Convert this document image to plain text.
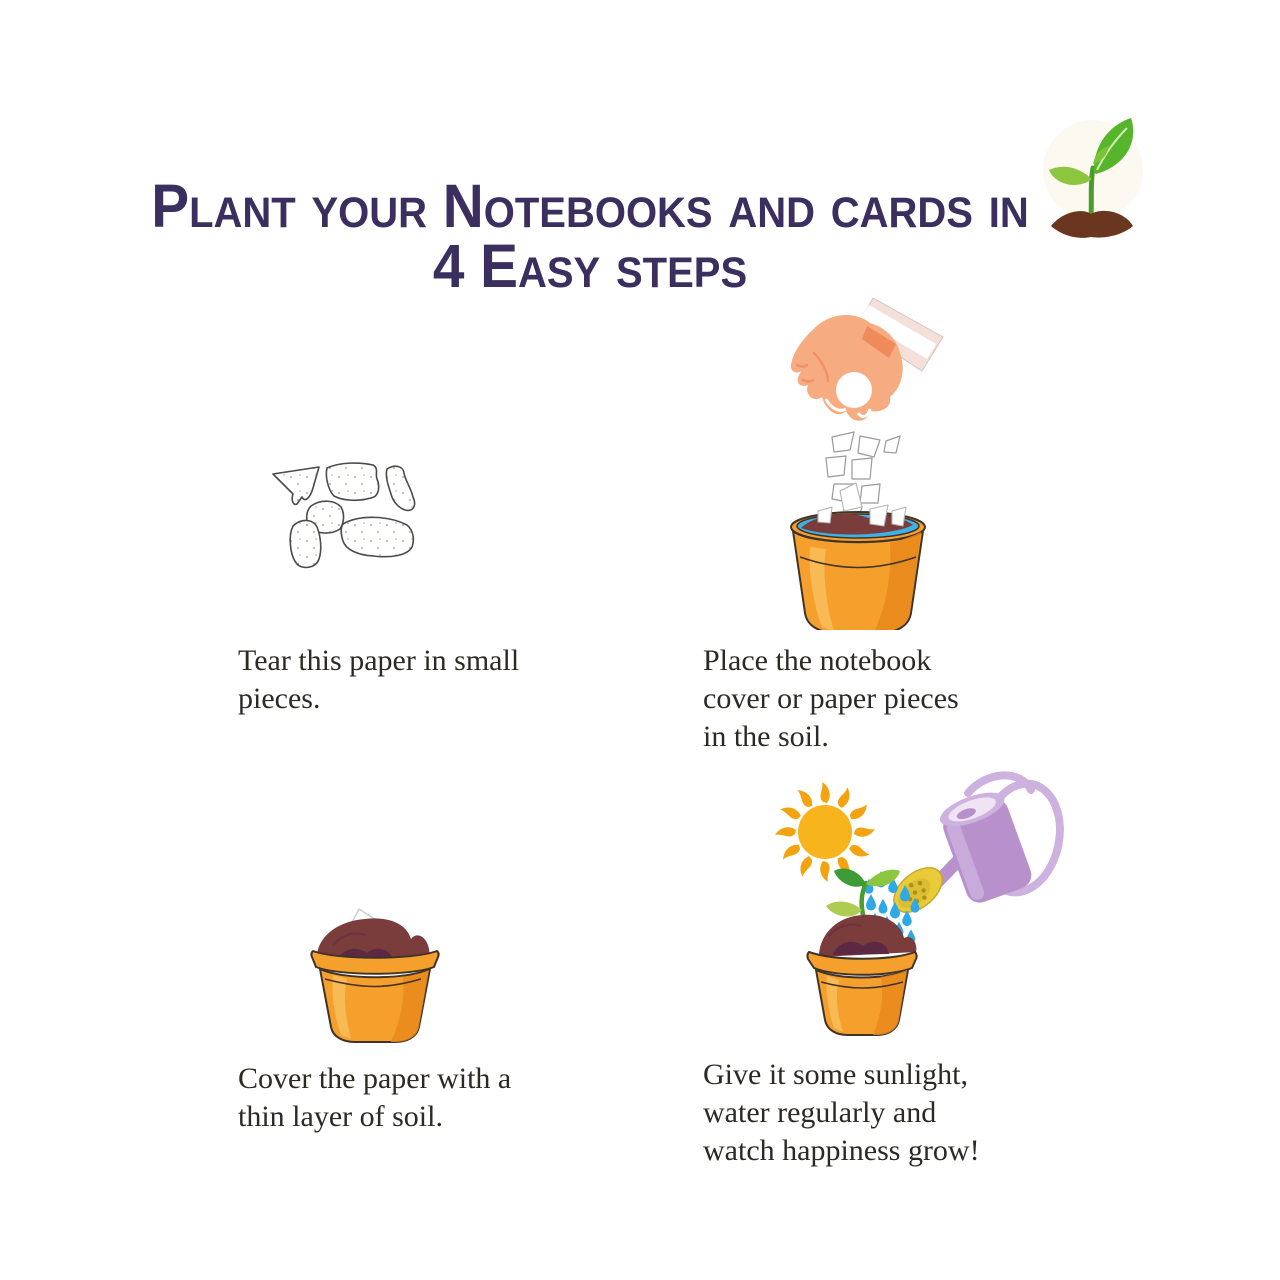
Plant your Notebooks and cards in
4 Easy steps
Tear this paper in small
pieces.
Place the notebook
cover or paper pieces
in the soil.
Cover the paper with a
thin layer of soil.
Give it some sunlight,
water regularly and
watch happiness grow!
